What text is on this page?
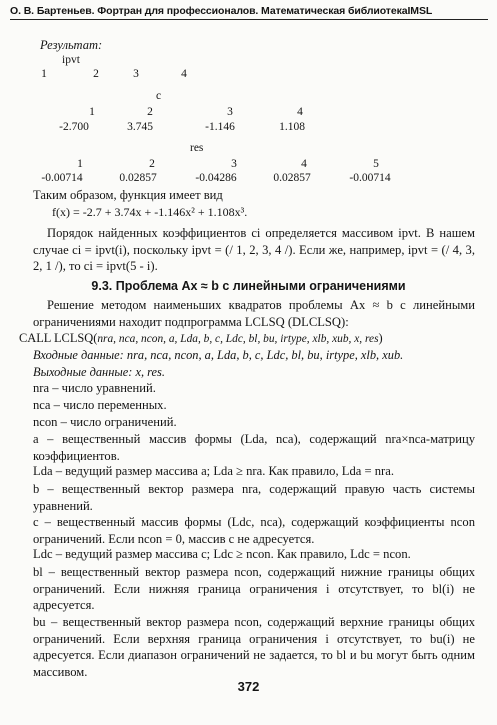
О. В. Бартеньев. Фортран для профессионалов. Математическая библиотекаIMSL
Результат:
ipvt
1	2	3	4
c
1	2	3	4
-2.700	3.745	-1.146	1.108
res
1	2	3	4	5
-0.00714	0.02857	-0.04286	0.02857	-0.00714
Таким образом, функция имеет вид
f(x) = -2.7 + 3.74x + -1.146x² + 1.108x³.
Порядок найденных коэффициентов ci определяется массивом ipvt. В нашем случае ci = ipvt(i), поскольку ipvt = (/ 1, 2, 3, 4 /). Если же, например, ipvt = (/ 4, 3, 2, 1 /), то ci = ipvt(5 - i).
9.3. Проблема Ax ≈ b с линейными ограничениями
Решение методом наименьших квадратов проблемы Ax ≈ b с линейными ограничениями находит подпрограмма LCLSQ (DLCLSQ):
CALL LCLSQ(nra, nca, ncon, a, Lda, b, c, Ldc, bl, bu, irtype, xlb, xub, x, res)
Входные данные: nra, nca, ncon, a, Lda, b, c, Ldc, bl, bu, irtype, xlb, xub.
Выходные данные: x, res.
nra – число уравнений.
nca – число переменных.
ncon – число ограничений.
a – вещественный массив формы (Lda, nca), содержащий nra×nca-матрицу коэффициентов.
Lda – ведущий размер массива a; Lda ≥ nra. Как правило, Lda = nra.
b – вещественный вектор размера nra, содержащий правую часть системы уравнений.
c – вещественный массив формы (Ldc, nca), содержащий коэффициенты ncon ограничений. Если ncon = 0, массив c не адресуется.
Ldc – ведущий размер массива c; Ldc ≥ ncon. Как правило, Ldc = ncon.
bl – вещественный вектор размера ncon, содержащий нижние границы общих ограничений. Если нижняя граница ограничения i отсутствует, то bl(i) не адресуется.
bu – вещественный вектор размера ncon, содержащий верхние границы общих ограничений. Если верхняя граница ограничения i отсутствует, то bu(i) не адресуется. Если диапазон ограничений не задается, то bl и bu могут быть одним массивом.
372
